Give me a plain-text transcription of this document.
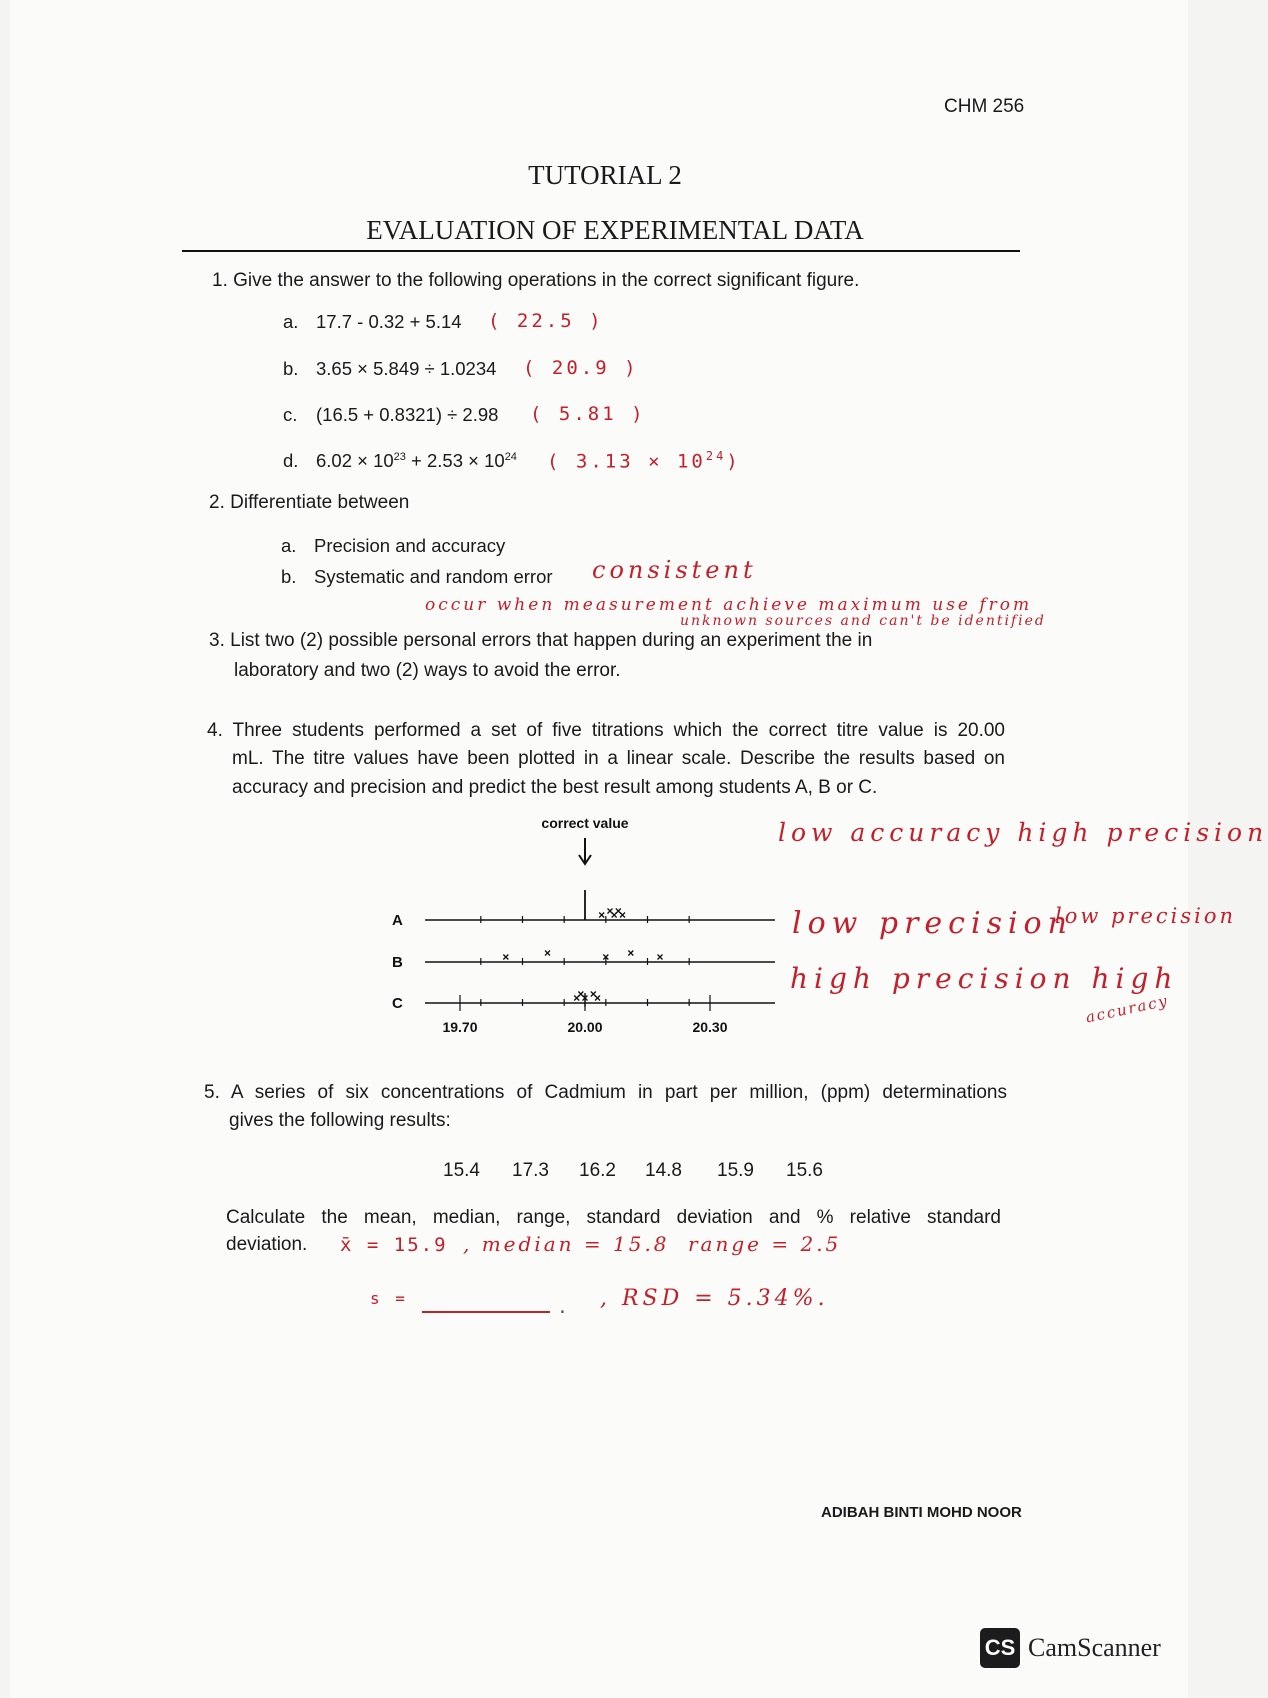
CHM 256
TUTORIAL 2
EVALUATION OF EXPERIMENTAL DATA
1. Give the answer to the following operations in the correct significant figure.
a. 17.7 - 0.32 + 5.14 ( 22.5 )
b. 3.65 × 5.849 ÷ 1.0234 ( 20.9 )
c. (16.5 + 0.8321) ÷ 2.98 ( 5.81 )
d. $6.02 \times 10^{23} + 2.53 \times 10^{24}$ ( $3.13 \times 10^{24}$)
2. Differentiate between
a. Precision and accuracy
b. Systematic and random error consistent
occur when measurement achieve maximum use from
unknown sources and can't be identified
3. List two (2) possible personal errors that happen during an experiment the in
laboratory and two (2) ways to avoid the error.
4. Three students performed a set of five titrations which the correct titre value is 20.00
mL. The titre values have been plotted in a linear scale. Describe the results based on
accuracy and precision and predict the best result among students A, B or C.
correct value
A
B
C
19.70	20.00	20.30
low accuracy high precision
low precision
low precision
high precision high
accuracy
5. A series of six concentrations of Cadmium in part per million, (ppm) determinations
gives the following results:
15.4 17.3 16.2 14.8 15.9 15.6
Calculate the mean, median, range, standard deviation and % relative standard
deviation. x̄ = 15.9 , median = 15.8 range = 2.5
s =	. , RSD = 5.34%.
ADIBAH BINTI MOHD NOOR
CS CamScanner
